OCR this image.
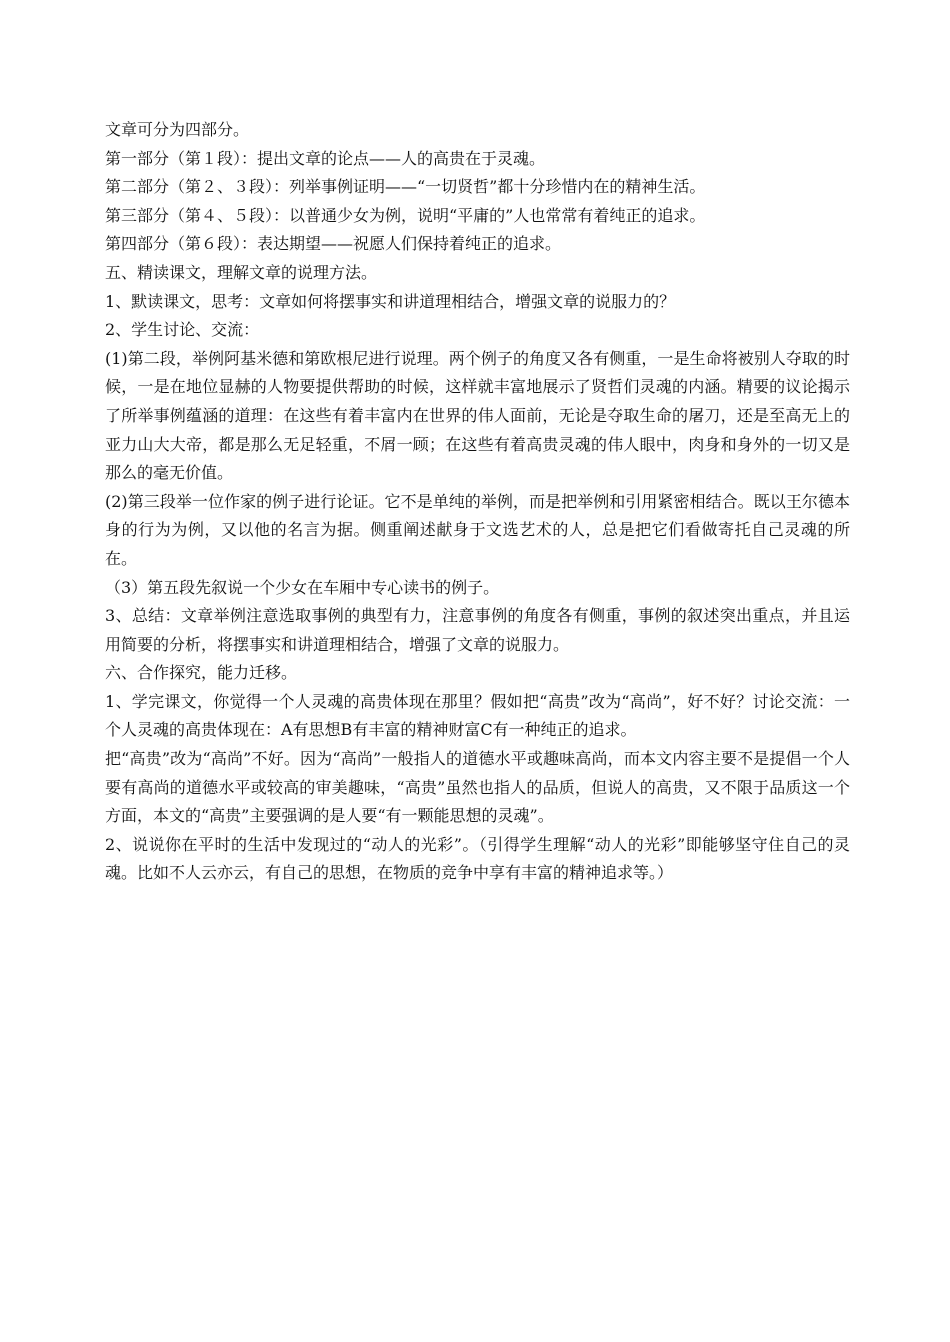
文章可分为四部分。

第一部分（第１段）：提出文章的论点——人的高贵在于灵魂。

第二部分（第２、３段）：列举事例证明——“一切贤哲”都十分珍惜内在的精神生活。

第三部分（第４、５段）：以普通少女为例，说明“平庸的”人也常常有着纯正的追求。

第四部分（第６段）：表达期望——祝愿人们保持着纯正的追求。

五、精读课文，理解文章的说理方法。

1、默读课文，思考：文章如何将摆事实和讲道理相结合，增强文章的说服力的？

2、学生讨论、交流：

(1)第二段，举例阿基米德和第欧根尼进行说理。两个例子的角度又各有侧重，一是生命将被别人夺取的时候，一是在地位显赫的人物要提供帮助的时候，这样就丰富地展示了贤哲们灵魂的内涵。精要的议论揭示了所举事例蕴涵的道理：在这些有着丰富内在世界的伟人面前，无论是夺取生命的屠刀，还是至高无上的亚力山大大帝，都是那么无足轻重，不屑一顾；在这些有着高贵灵魂的伟人眼中，肉身和身外的一切又是那么的毫无价值。

(2)第三段举一位作家的例子进行论证。它不是单纯的举例，而是把举例和引用紧密相结合。既以王尔德本身的行为为例，又以他的名言为据。侧重阐述献身于文选艺术的人，总是把它们看做寄托自己灵魂的所在。

（3）第五段先叙说一个少女在车厢中专心读书的例子。

3、总结：文章举例注意选取事例的典型有力，注意事例的角度各有侧重，事例的叙述突出重点，并且运用简要的分析，将摆事实和讲道理相结合，增强了文章的说服力。

六、合作探究，能力迁移。

1、学完课文，你觉得一个人灵魂的高贵体现在那里？假如把“高贵”改为“高尚”，好不好？讨论交流：一个人灵魂的高贵体现在：A有思想B有丰富的精神财富C有一种纯正的追求。

把“高贵”改为“高尚”不好。因为“高尚”一般指人的道德水平或趣味高尚，而本文内容主要不是提倡一个人要有高尚的道德水平或较高的审美趣味，“高贵”虽然也指人的品质，但说人的高贵，又不限于品质这一个方面，本文的“高贵”主要强调的是人要“有一颗能思想的灵魂”。

2、说说你在平时的生活中发现过的“动人的光彩”。（引得学生理解“动人的光彩”即能够坚守住自己的灵魂。比如不人云亦云，有自己的思想，在物质的竞争中享有丰富的精神追求等。）
